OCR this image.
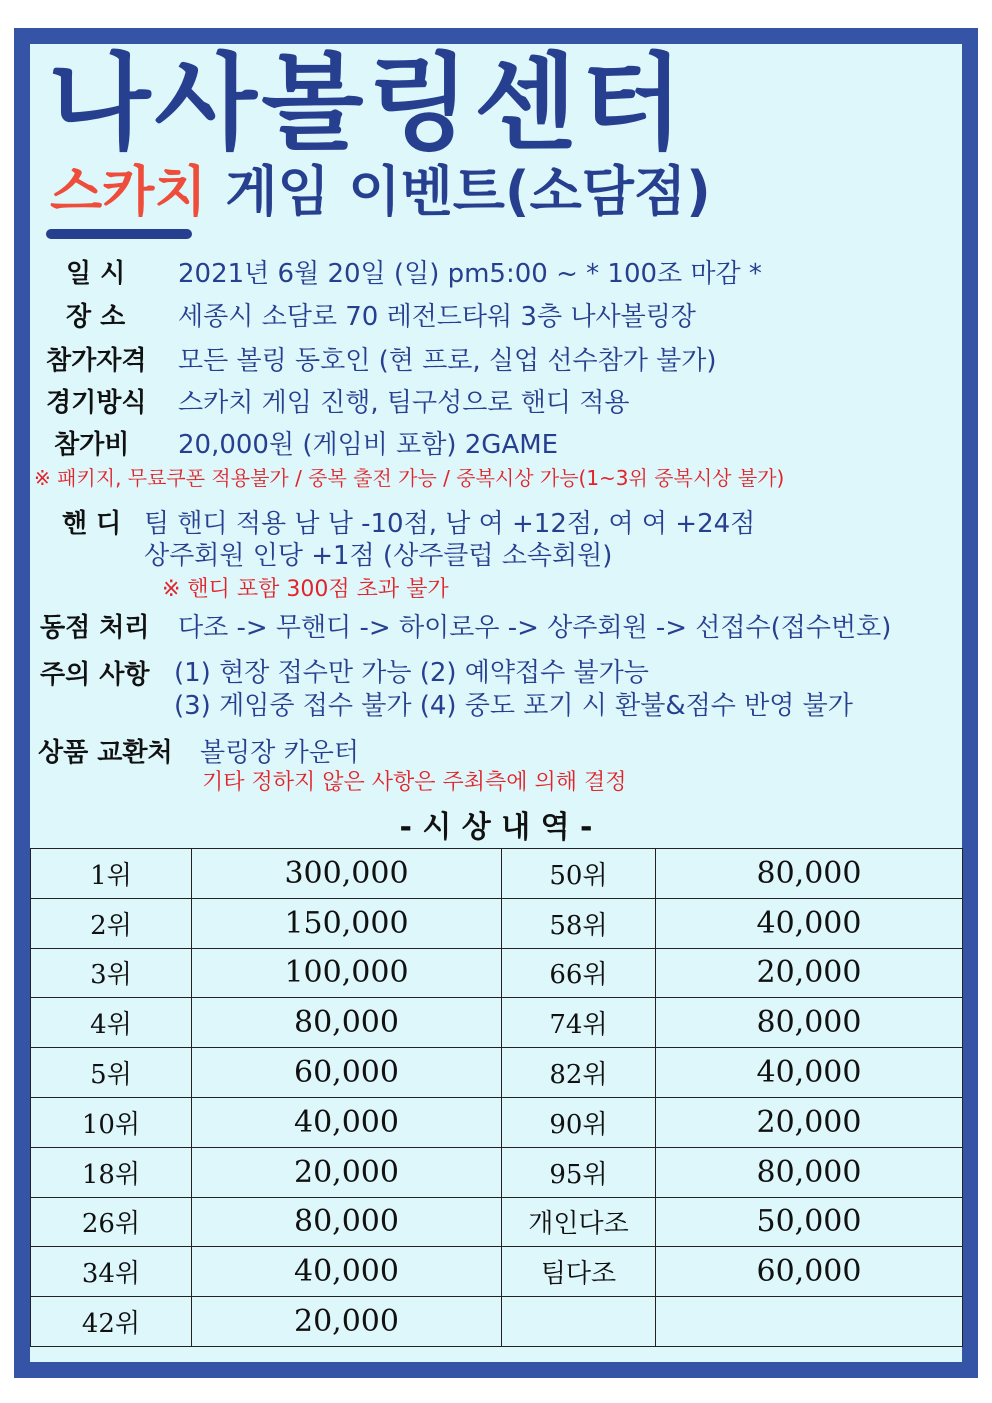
나사볼링센터
스카치 게임 이벤트(소담점)
일 시 2021년 6월 20일 (일) pm5:00 ~ * 100조 마감 *
장 소 세종시 소담로 70 레전드타워 3층 나사볼링장
참가자격 모든 볼링 동호인 (현 프로, 실업 선수참가 불가)
경기방식 스카치 게임 진행, 팀구성으로 핸디 적용
참가비 20,000원 (게임비 포함) 2GAME
※ 패키지, 무료쿠폰 적용불가 / 중복 출전 가능 / 중복시상 가능(1~3위 중복시상 불가)
핸 디 팀 핸디 적용 남 남 -10점, 남 여 +12점, 여 여 +24점
상주회원 인당 +1점 (상주클럽 소속회원)
※ 핸디 포함 300점 초과 불가
동점 처리 다조 -> 무핸디 -> 하이로우 -> 상주회원 -> 선접수(접수번호)
주의 사항 (1) 현장 접수만 가능 (2) 예약접수 불가능
(3) 게임중 접수 불가 (4) 중도 포기 시 환불&점수 반영 불가
상품 교환처 볼링장 카운터
기타 정하지 않은 사항은 주최측에 의해 결정
- 시 상 내 역 -
1위	300,000	50위	80,000
2위	150,000	58위	40,000
3위	100,000	66위	20,000
4위	80,000	74위	80,000
5위	60,000	82위	40,000
10위	40,000	90위	20,000
18위	20,000	95위	80,000
26위	80,000	개인다조	50,000
34위	40,000	팀다조	60,000
42위	20,000		
